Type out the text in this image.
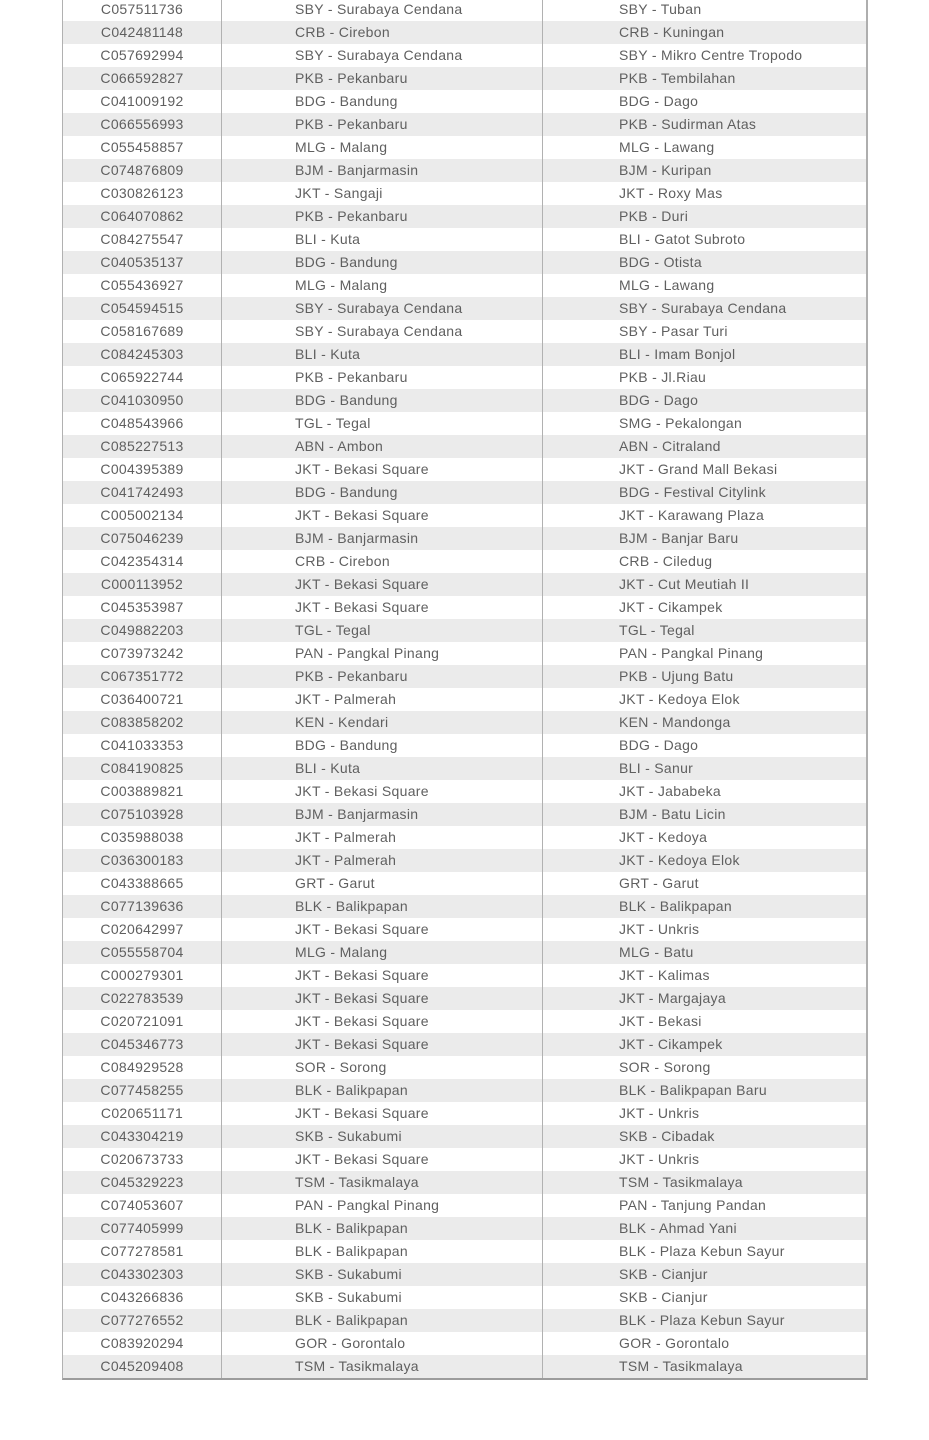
C057511736	SBY - Surabaya Cendana	SBY - Tuban
C042481148	CRB - Cirebon	CRB - Kuningan
C057692994	SBY - Surabaya Cendana	SBY - Mikro Centre Tropodo
C066592827	PKB - Pekanbaru	PKB - Tembilahan
C041009192	BDG - Bandung	BDG - Dago
C066556993	PKB - Pekanbaru	PKB - Sudirman Atas
C055458857	MLG - Malang	MLG - Lawang
C074876809	BJM - Banjarmasin	BJM - Kuripan
C030826123	JKT - Sangaji	JKT - Roxy Mas
C064070862	PKB - Pekanbaru	PKB - Duri
C084275547	BLI - Kuta	BLI - Gatot Subroto
C040535137	BDG - Bandung	BDG - Otista
C055436927	MLG - Malang	MLG - Lawang
C054594515	SBY - Surabaya Cendana	SBY - Surabaya Cendana
C058167689	SBY - Surabaya Cendana	SBY - Pasar Turi
C084245303	BLI - Kuta	BLI - Imam Bonjol
C065922744	PKB - Pekanbaru	PKB - Jl.Riau
C041030950	BDG - Bandung	BDG - Dago
C048543966	TGL - Tegal	SMG - Pekalongan
C085227513	ABN - Ambon	ABN - Citraland
C004395389	JKT - Bekasi Square	JKT - Grand Mall Bekasi
C041742493	BDG - Bandung	BDG - Festival Citylink
C005002134	JKT - Bekasi Square	JKT - Karawang Plaza
C075046239	BJM - Banjarmasin	BJM - Banjar Baru
C042354314	CRB - Cirebon	CRB - Ciledug
C000113952	JKT - Bekasi Square	JKT - Cut Meutiah II
C045353987	JKT - Bekasi Square	JKT - Cikampek
C049882203	TGL - Tegal	TGL - Tegal
C073973242	PAN - Pangkal Pinang	PAN - Pangkal Pinang
C067351772	PKB - Pekanbaru	PKB - Ujung Batu
C036400721	JKT - Palmerah	JKT - Kedoya Elok
C083858202	KEN - Kendari	KEN - Mandonga
C041033353	BDG - Bandung	BDG - Dago
C084190825	BLI - Kuta	BLI - Sanur
C003889821	JKT - Bekasi Square	JKT - Jababeka
C075103928	BJM - Banjarmasin	BJM - Batu Licin
C035988038	JKT - Palmerah	JKT - Kedoya
C036300183	JKT - Palmerah	JKT - Kedoya Elok
C043388665	GRT - Garut	GRT - Garut
C077139636	BLK - Balikpapan	BLK - Balikpapan
C020642997	JKT - Bekasi Square	JKT - Unkris
C055558704	MLG - Malang	MLG - Batu
C000279301	JKT - Bekasi Square	JKT - Kalimas
C022783539	JKT - Bekasi Square	JKT - Margajaya
C020721091	JKT - Bekasi Square	JKT - Bekasi
C045346773	JKT - Bekasi Square	JKT - Cikampek
C084929528	SOR - Sorong	SOR - Sorong
C077458255	BLK - Balikpapan	BLK - Balikpapan Baru
C020651171	JKT - Bekasi Square	JKT - Unkris
C043304219	SKB - Sukabumi	SKB - Cibadak
C020673733	JKT - Bekasi Square	JKT - Unkris
C045329223	TSM - Tasikmalaya	TSM - Tasikmalaya
C074053607	PAN - Pangkal Pinang	PAN - Tanjung Pandan
C077405999	BLK - Balikpapan	BLK - Ahmad Yani
C077278581	BLK - Balikpapan	BLK - Plaza Kebun Sayur
C043302303	SKB - Sukabumi	SKB - Cianjur
C043266836	SKB - Sukabumi	SKB - Cianjur
C077276552	BLK - Balikpapan	BLK - Plaza Kebun Sayur
C083920294	GOR - Gorontalo	GOR - Gorontalo
C045209408	TSM - Tasikmalaya	TSM - Tasikmalaya
